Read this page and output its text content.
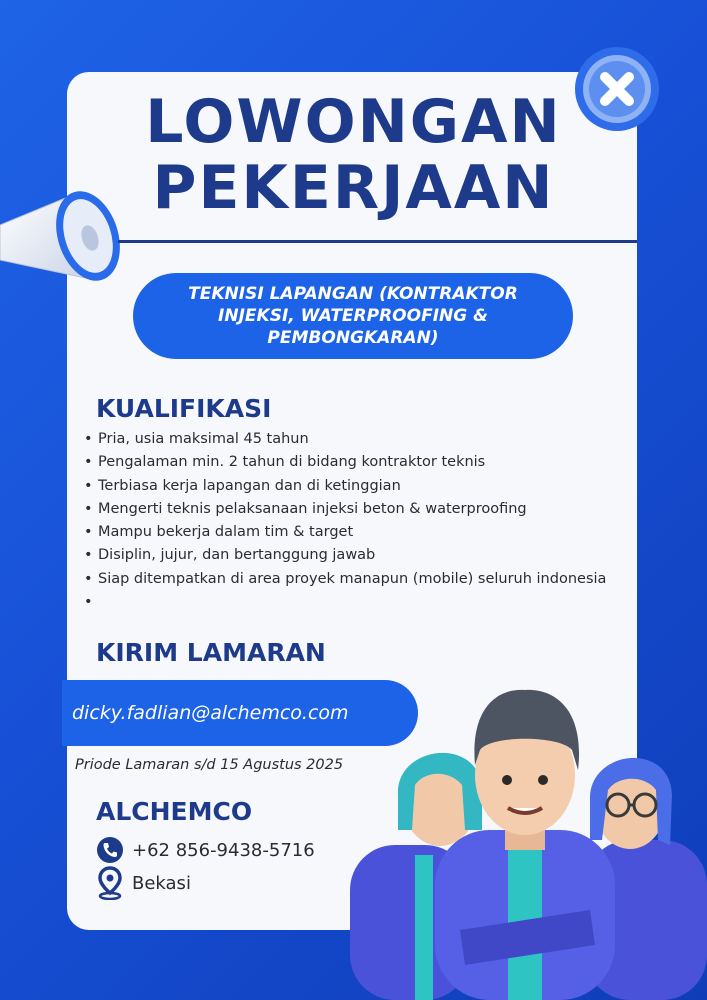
LOWONGAN
PEKERJAAN
TEKNISI LAPANGAN (KONTRAKTOR INJEKSI, WATERPROOFING & PEMBONGKARAN)
KUALIFIKASI
• Pria, usia maksimal 45 tahun
• Pengalaman min. 2 tahun di bidang kontraktor teknis
• Terbiasa kerja lapangan dan di ketinggian
• Mengerti teknis pelaksanaan injeksi beton & waterproofing
• Mampu bekerja dalam tim & target
• Disiplin, jujur, dan bertanggung jawab
• Siap ditempatkan di area proyek manapun (mobile) seluruh indonesia
•
KIRIM LAMARAN
dicky.fadlian@alchemco.com
Priode Lamaran s/d 15 Agustus 2025
ALCHEMCO
+62 856-9438-5716
Bekasi
